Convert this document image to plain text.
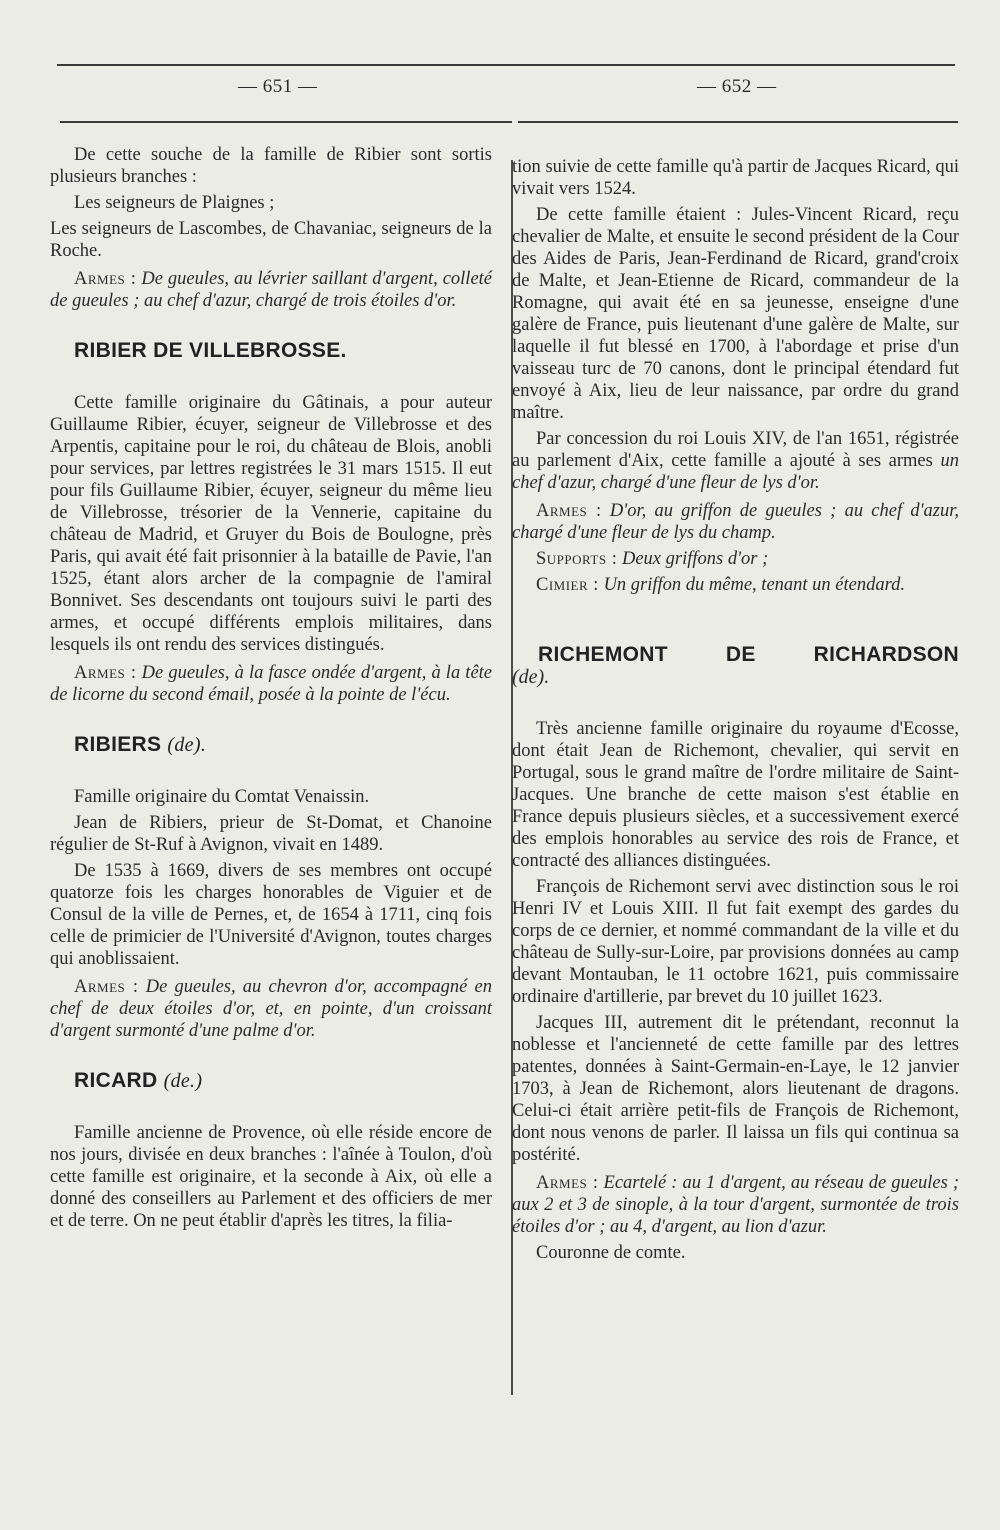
— 651 —	— 652 —

De cette souche de la famille de Ribier sont sortis plusieurs branches :

Les seigneurs de Plaignes ;

Les seigneurs de Lascombes, de Chavaniac, seigneurs de la Roche.

Armes : De gueules, au lévrier saillant d'argent, colleté de gueules ; au chef d'azur, chargé de trois étoiles d'or.

RIBIER DE VILLEBROSSE.

Cette famille originaire du Gâtinais, a pour auteur Guillaume Ribier, écuyer, seigneur de Villebrosse et des Arpentis, capitaine pour le roi, du château de Blois, anobli pour services, par lettres registrées le 31 mars 1515. Il eut pour fils Guillaume Ribier, écuyer, seigneur du même lieu de Villebrosse, trésorier de la Vennerie, capitaine du château de Madrid, et Gruyer du Bois de Boulogne, près Paris, qui avait été fait prisonnier à la bataille de Pavie, l'an 1525, étant alors archer de la compagnie de l'amiral Bonnivet. Ses descendants ont toujours suivi le parti des armes, et occupé différents emplois militaires, dans lesquels ils ont rendu des services distingués.

Armes : De gueules, à la fasce ondée d'argent, à la tête de licorne du second émail, posée à la pointe de l'écu.

RIBIERS (de).

Famille originaire du Comtat Venaissin.

Jean de Ribiers, prieur de St-Domat, et Chanoine régulier de St-Ruf à Avignon, vivait en 1489.

De 1535 à 1669, divers de ses membres ont occupé quatorze fois les charges honorables de Viguier et de Consul de la ville de Pernes, et, de 1654 à 1711, cinq fois celle de primicier de l'Université d'Avignon, toutes charges qui anoblissaient.

Armes : De gueules, au chevron d'or, accompagné en chef de deux étoiles d'or, et, en pointe, d'un croissant d'argent surmonté d'une palme d'or.

RICARD (de.)

Famille ancienne de Provence, où elle réside encore de nos jours, divisée en deux branches : l'aînée à Toulon, d'où cette famille est originaire, et la seconde à Aix, où elle a donné des conseillers au Parlement et des officiers de mer et de terre. On ne peut établir d'après les titres, la filia-

tion suivie de cette famille qu'à partir de Jacques Ricard, qui vivait vers 1524.

De cette famille étaient : Jules-Vincent Ricard, reçu chevalier de Malte, et ensuite le second président de la Cour des Aides de Paris, Jean-Ferdinand de Ricard, grand'croix de Malte, et Jean-Etienne de Ricard, commandeur de la Romagne, qui avait été en sa jeunesse, enseigne d'une galère de France, puis lieutenant d'une galère de Malte, sur laquelle il fut blessé en 1700, à l'abordage et prise d'un vaisseau turc de 70 canons, dont le principal étendard fut envoyé à Aix, lieu de leur naissance, par ordre du grand maître.

Par concession du roi Louis XIV, de l'an 1651, régistrée au parlement d'Aix, cette famille a ajouté à ses armes un chef d'azur, chargé d'une fleur de lys d'or.

Armes : D'or, au griffon de gueules ; au chef d'azur, chargé d'une fleur de lys du champ.

Supports : Deux griffons d'or ;

Cimier : Un griffon du même, tenant un étendard.

RICHEMONT DE RICHARDSON
(de).

Très ancienne famille originaire du royaume d'Ecosse, dont était Jean de Richemont, chevalier, qui servit en Portugal, sous le grand maître de l'ordre militaire de Saint-Jacques. Une branche de cette maison s'est établie en France depuis plusieurs siècles, et a successivement exercé des emplois honorables au service des rois de France, et contracté des alliances distinguées.

François de Richemont servi avec distinction sous le roi Henri IV et Louis XIII. Il fut fait exempt des gardes du corps de ce dernier, et nommé commandant de la ville et du château de Sully-sur-Loire, par provisions données au camp devant Montauban, le 11 octobre 1621, puis commissaire ordinaire d'artillerie, par brevet du 10 juillet 1623.

Jacques III, autrement dit le prétendant, reconnut la noblesse et l'ancienneté de cette famille par des lettres patentes, données à Saint-Germain-en-Laye, le 12 janvier 1703, à Jean de Richemont, alors lieutenant de dragons. Celui-ci était arrière petit-fils de François de Richemont, dont nous venons de parler. Il laissa un fils qui continua sa postérité.

Armes : Ecartelé : au 1 d'argent, au réseau de gueules ; aux 2 et 3 de sinople, à la tour d'argent, surmontée de trois étoiles d'or ; au 4, d'argent, au lion d'azur.

Couronne de comte.
